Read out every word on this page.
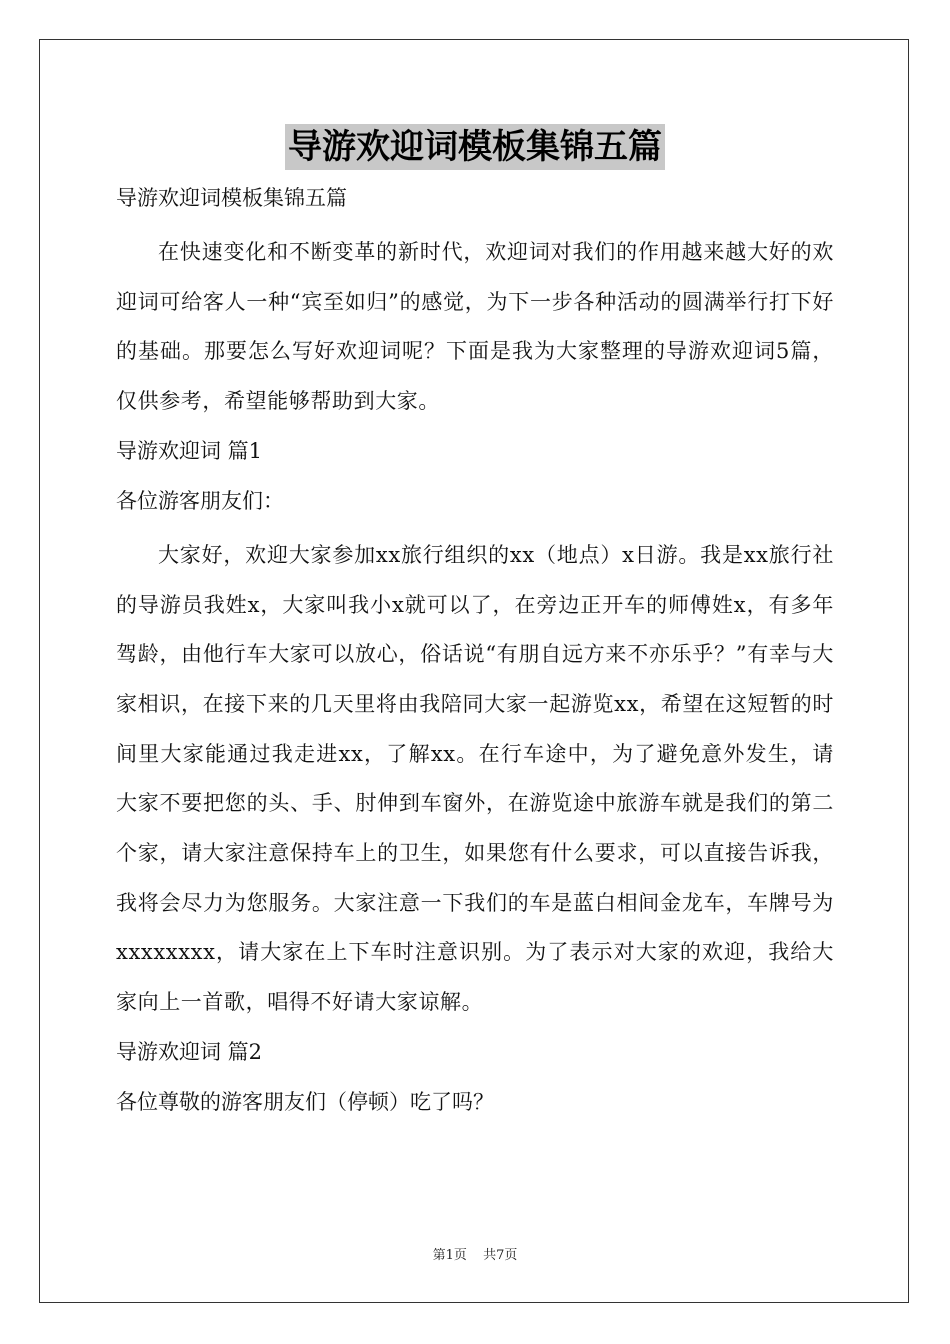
导游欢迎词模板集锦五篇
导游欢迎词模板集锦五篇

在快速变化和不断变革的新时代，欢迎词对我们的作用越来越大好的欢迎词可给客人一种“宾至如归”的感觉，为下一步各种活动的圆满举行打下好的基础。那要怎么写好欢迎词呢？下面是我为大家整理的导游欢迎词5篇，仅供参考，希望能够帮助到大家。

导游欢迎词 篇1
各位游客朋友们：

大家好，欢迎大家参加xx旅行组织的xx（地点）x日游。我是xx旅行社的导游员我姓x，大家叫我小x就可以了，在旁边正开车的师傅姓x，有多年驾龄，由他行车大家可以放心，俗话说“有朋自远方来不亦乐乎？”有幸与大家相识，在接下来的几天里将由我陪同大家一起游览xx，希望在这短暂的时间里大家能通过我走进xx，了解xx。在行车途中，为了避免意外发生，请大家不要把您的头、手、肘伸到车窗外，在游览途中旅游车就是我们的第二个家，请大家注意保持车上的卫生，如果您有什么要求，可以直接告诉我，我将会尽力为您服务。大家注意一下我们的车是蓝白相间金龙车，车牌号为xxxxxxxx，请大家在上下车时注意识别。为了表示对大家的欢迎，我给大家向上一首歌，唱得不好请大家谅解。

导游欢迎词 篇2
各位尊敬的游客朋友们（停顿）吃了吗？
第1页 共7页
